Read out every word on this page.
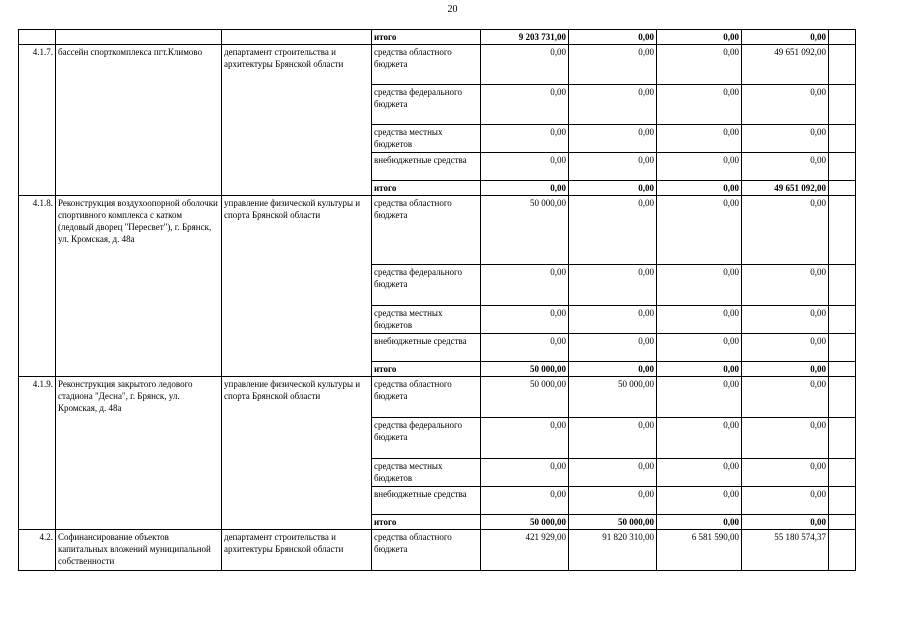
20
			итого	9 203 731,00	0,00	0,00	0,00	
4.1.7.	бассейн спорткомплекса пгт.Климово	департамент строительства и архитектуры Брянской области	средства областного бюджета	0,00	0,00	0,00	49 651 092,00	
			средства федерального бюджета	0,00	0,00	0,00	0,00	
			средства местных бюджетов	0,00	0,00	0,00	0,00	
			внебюджетные средства	0,00	0,00	0,00	0,00	
			итого	0,00	0,00	0,00	49 651 092,00	
4.1.8.	Реконструкция воздухоопорной оболочки спортивного комплекса с катком (ледовый дворец "Пересвет"), г. Брянск, ул. Кромская, д. 48а	управление физической культуры и спорта Брянской области	средства областного бюджета	50 000,00	0,00	0,00	0,00	
			средства федерального бюджета	0,00	0,00	0,00	0,00	
			средства местных бюджетов	0,00	0,00	0,00	0,00	
			внебюджетные средства	0,00	0,00	0,00	0,00	
			итого	50 000,00	0,00	0,00	0,00	
4.1.9.	Реконструкция закрытого ледового стадиона "Десна", г. Брянск, ул. Кромская, д. 48а	управление физической культуры и спорта Брянской области	средства областного бюджета	50 000,00	50 000,00	0,00	0,00	
			средства федерального бюджета	0,00	0,00	0,00	0,00	
			средства местных бюджетов	0,00	0,00	0,00	0,00	
			внебюджетные средства	0,00	0,00	0,00	0,00	
			итого	50 000,00	50 000,00	0,00	0,00	
4.2.	Софинансирование объектов капитальных вложений муниципальной собственности	департамент строительства и архитектуры Брянской области	средства областного бюджета	421 929,00	91 820 310,00	6 581 590,00	55 180 574,37	
